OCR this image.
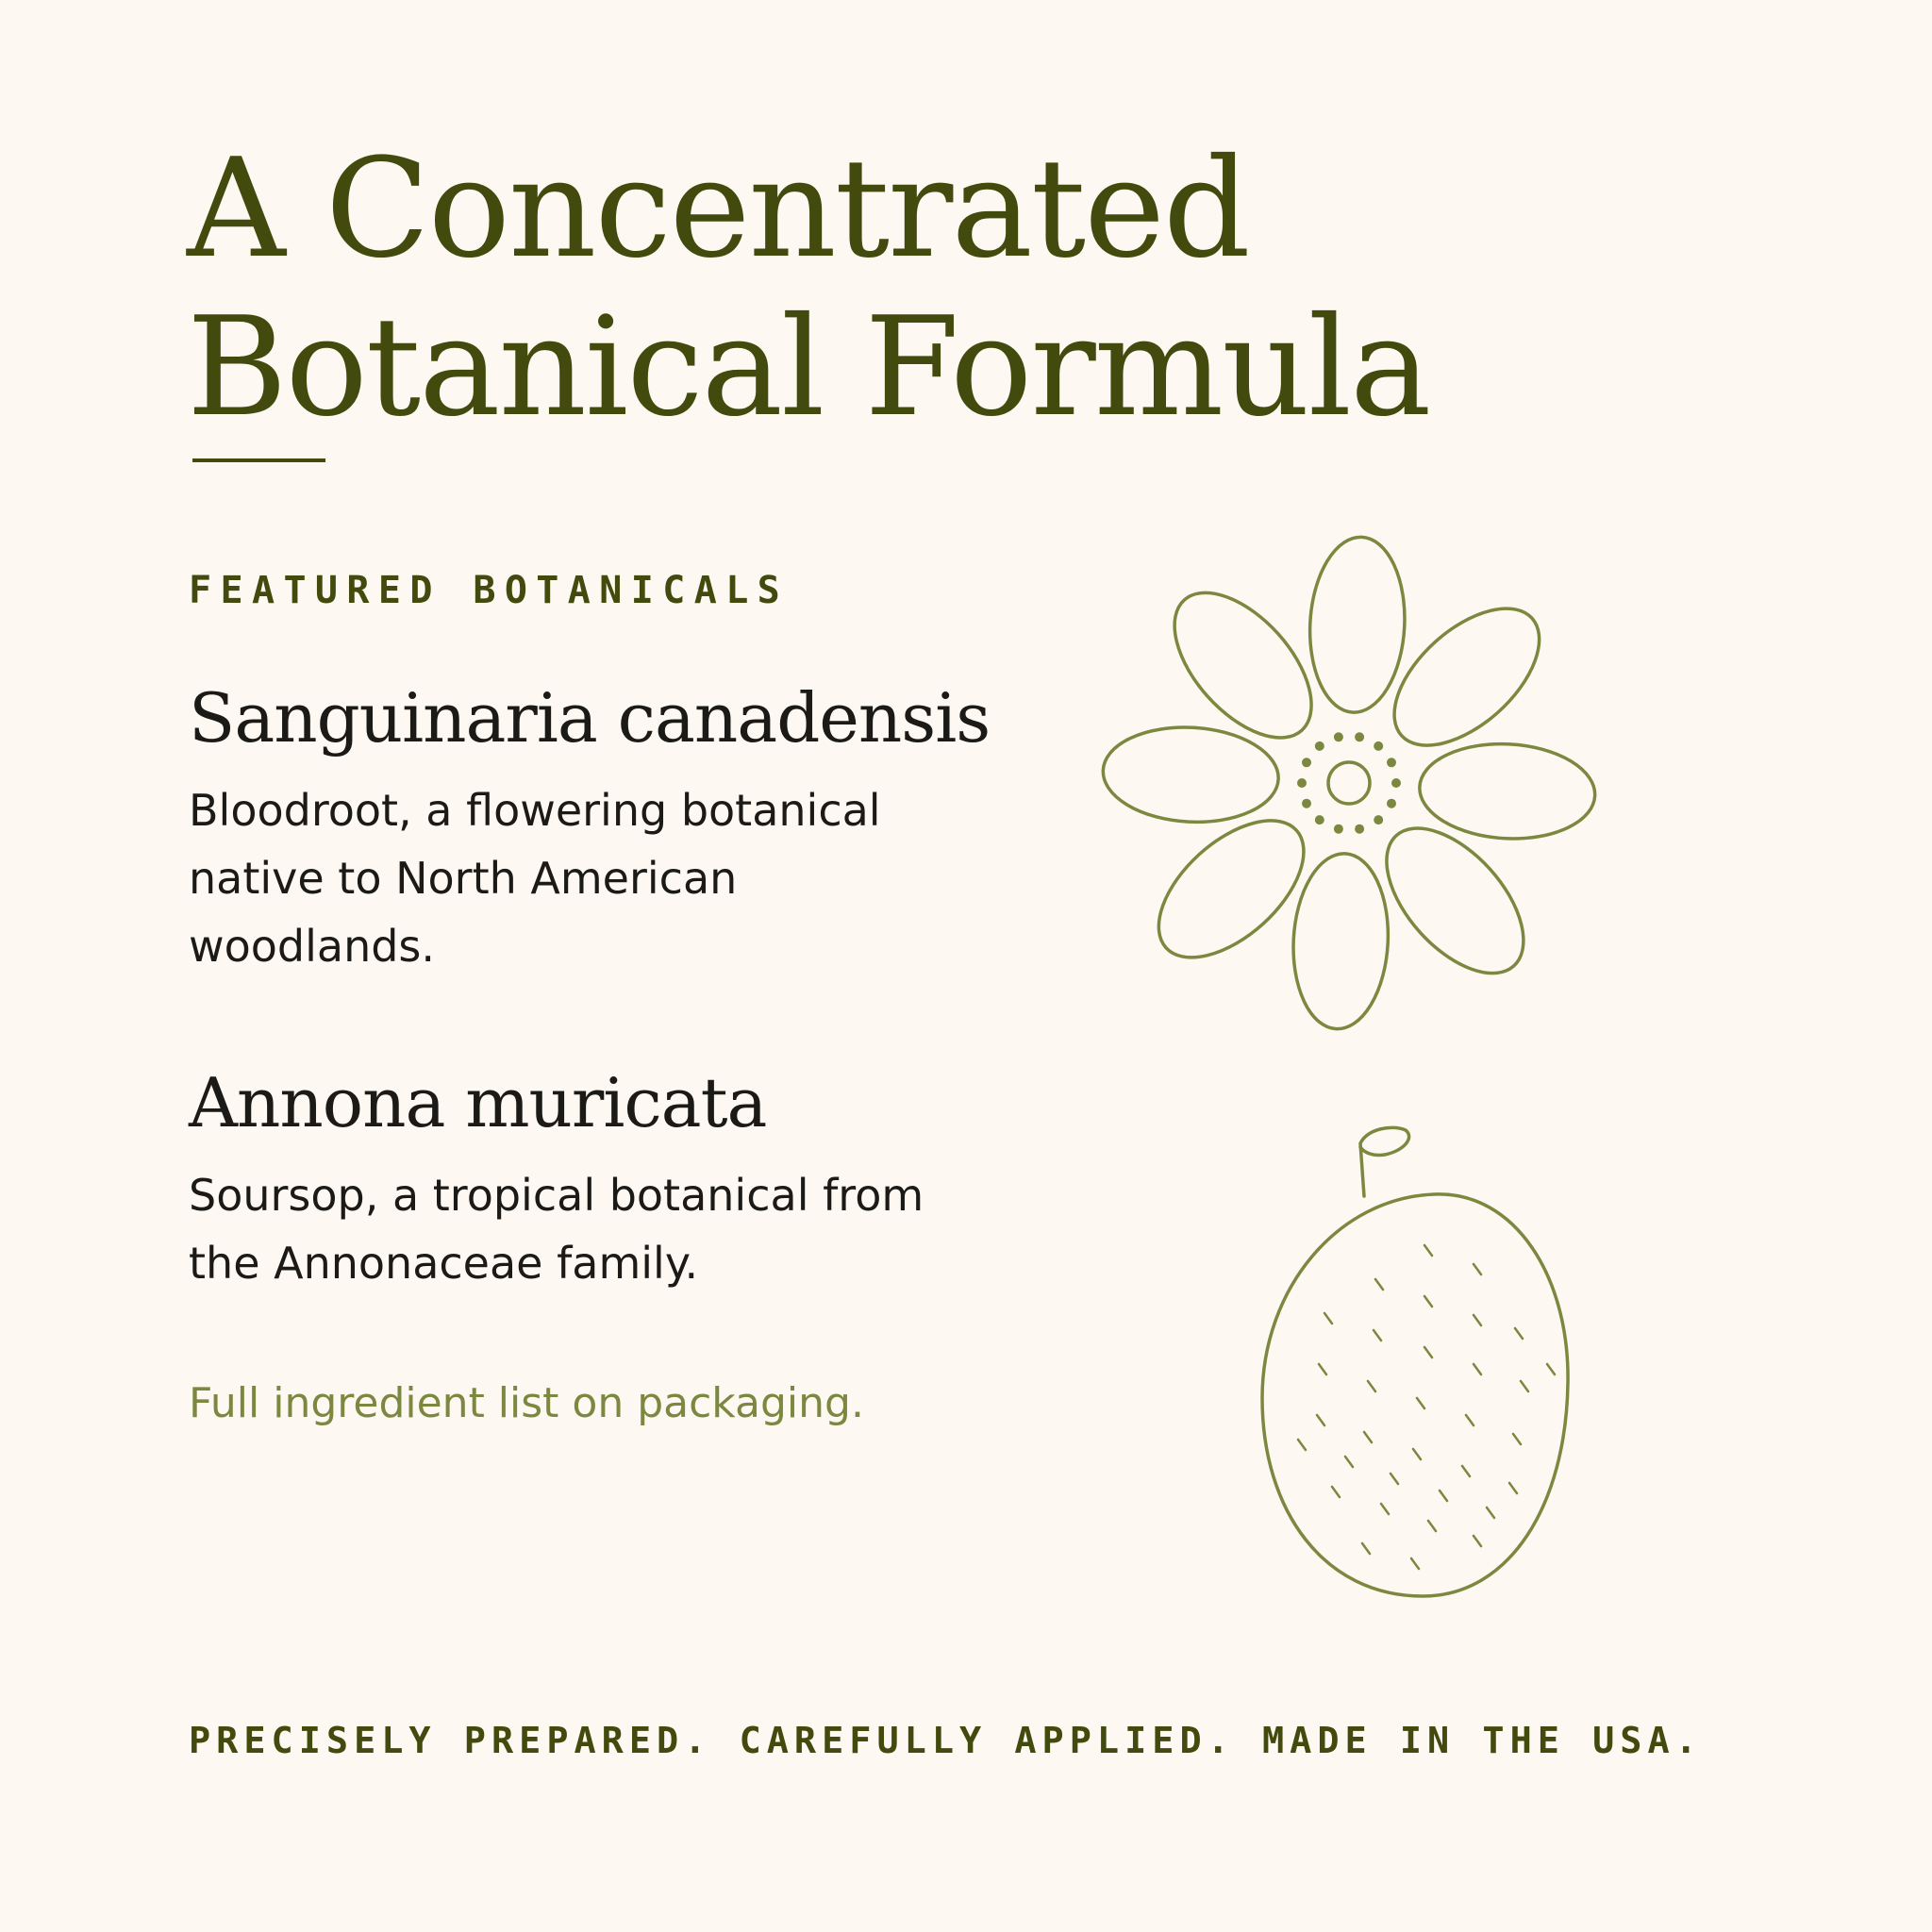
A Concentrated
Botanical Formula
FEATURED BOTANICALS
Sanguinaria canadensis

Bloodroot, a flowering botanical
native to North American
woodlands.

Annona muricata

Soursop, a tropical botanical from
the Annonaceae family.

Full ingredient list on packaging.

PRECISELY PREPARED. CAREFULLY APPLIED. MADE IN THE USA.
